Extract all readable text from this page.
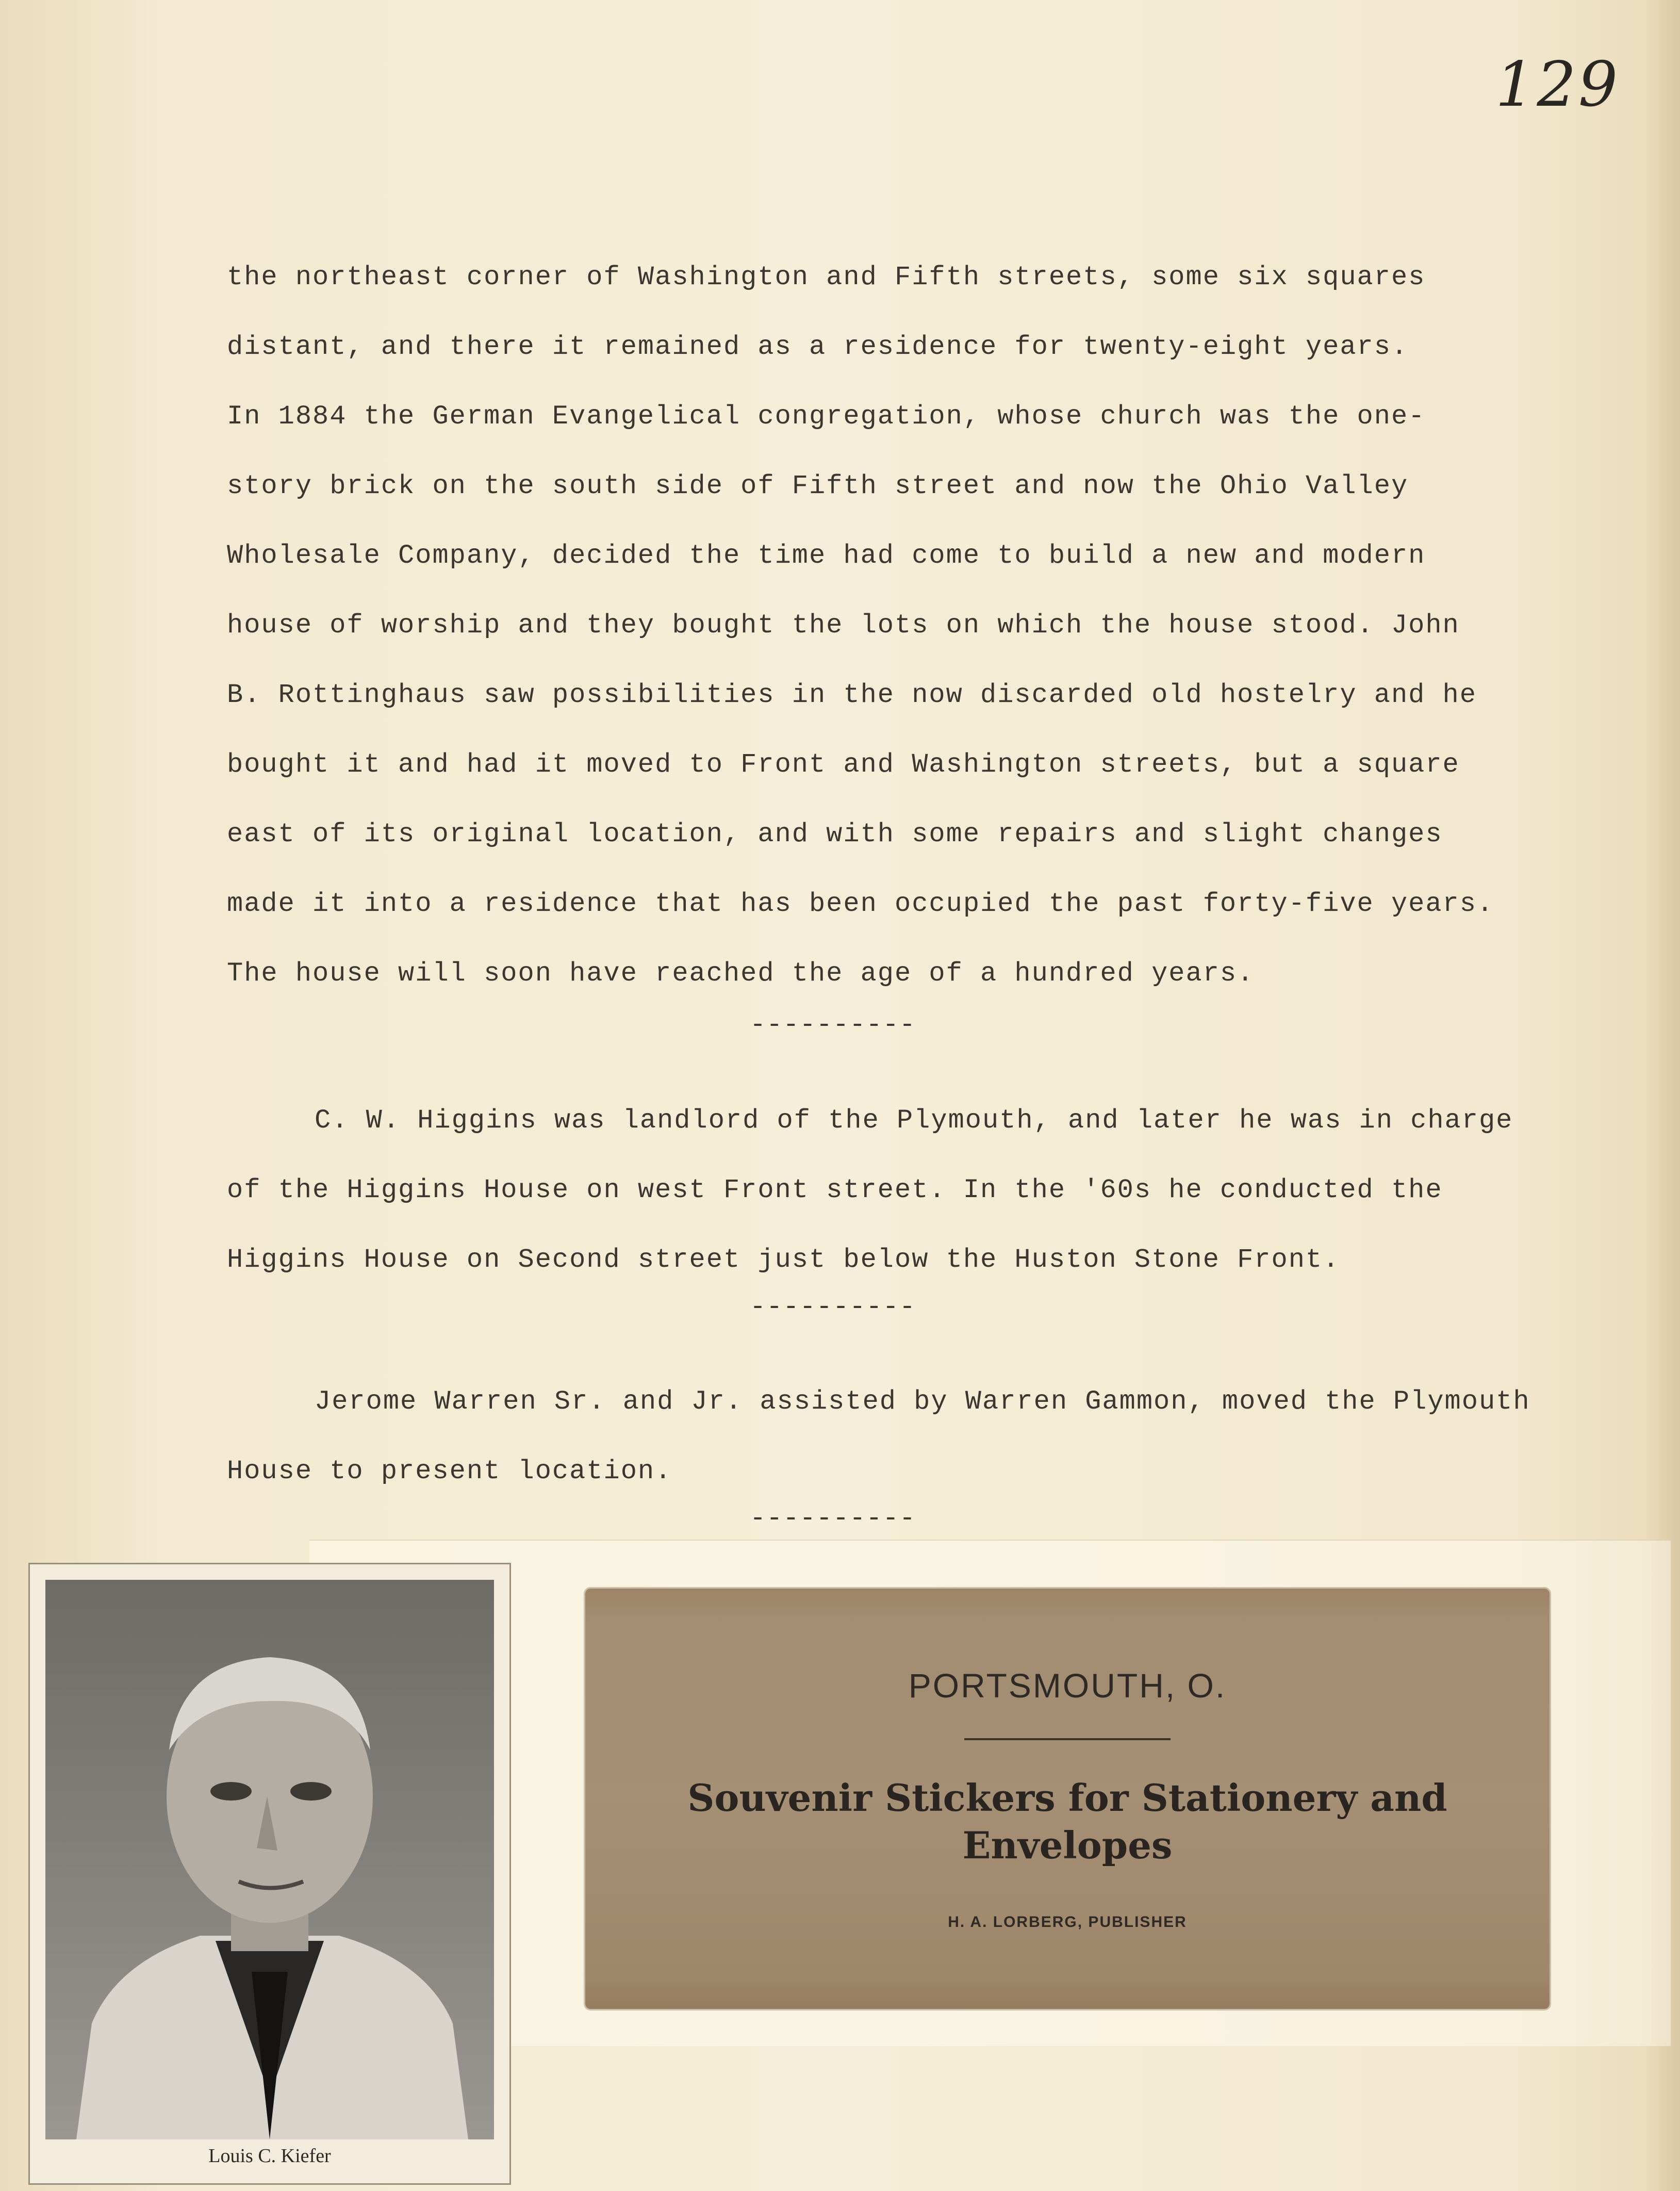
129

the northeast corner of Washington and Fifth streets, some six squares
distant, and there it remained as a residence for twenty-eight years.
In 1884 the German Evangelical congregation, whose church was the one-
story brick on the south side of Fifth street and now the Ohio Valley
Wholesale Company, decided the time had come to build a new and modern
house of worship and they bought the lots on which the house stood. John
B. Rottinghaus saw possibilities in the now discarded old hostelry and he
bought it and had it moved to Front and Washington streets, but a square
east of its original location, and with some repairs and slight changes
made it into a residence that has been occupied the past forty-five years.
The house will soon have reached the age of a hundred years.

----------

C. W. Higgins was landlord of the Plymouth, and later he was in charge
of the Higgins House on west Front street. In the '60s he conducted the
Higgins House on Second street just below the Huston Stone Front.

----------

Jerome Warren Sr. and Jr. assisted by Warren Gammon, moved the Plymouth
House to present location.

----------
Louis C. Kiefer
PORTSMOUTH, O.
Souvenir Stickers for Stationery and
Envelopes
H. A. LORBERG, PUBLISHER
